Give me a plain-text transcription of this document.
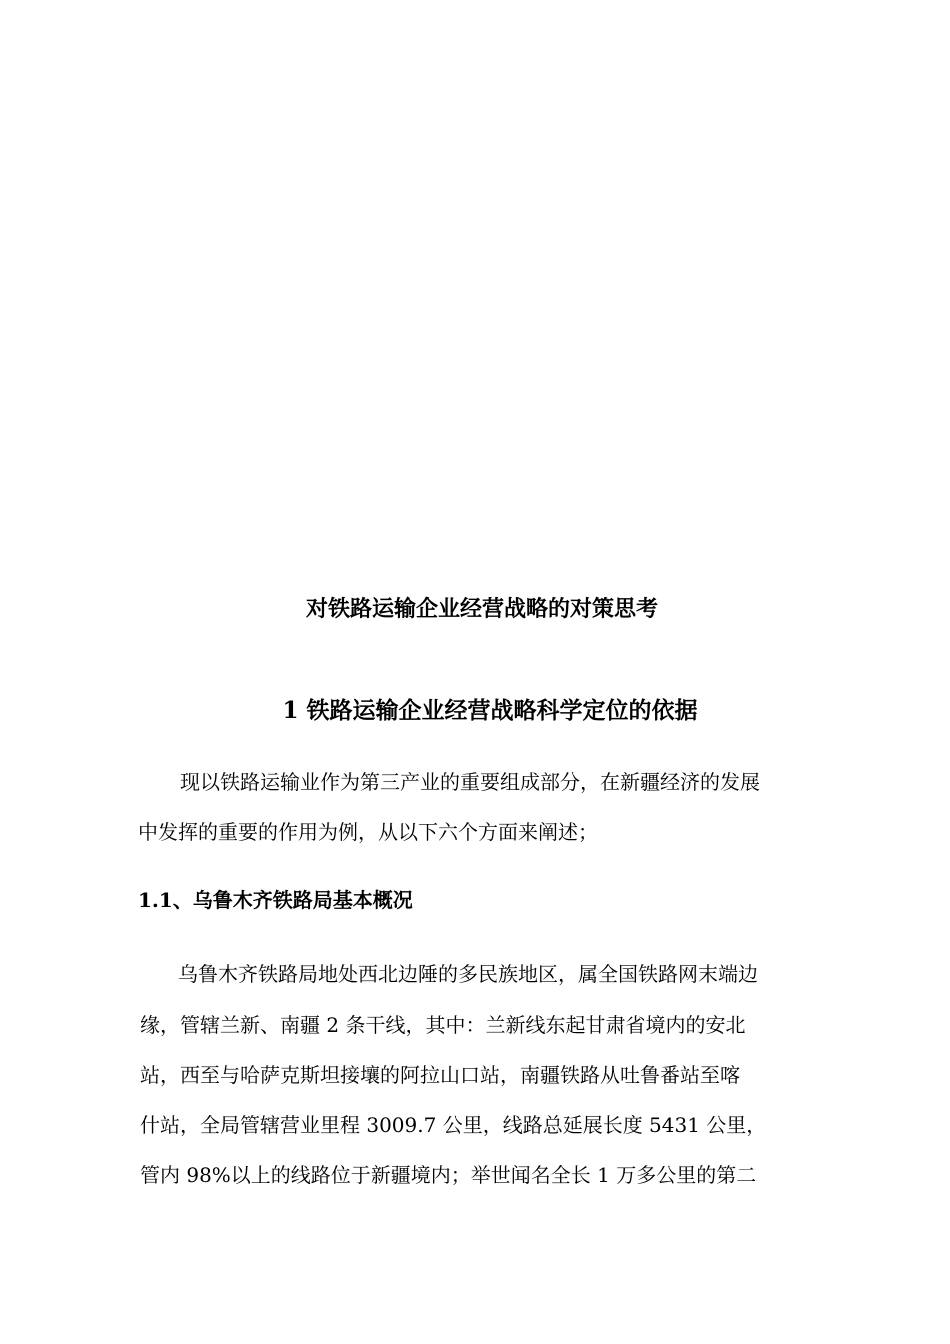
对铁路运输企业经营战略的对策思考
1 铁路运输企业经营战略科学定位的依据
现以铁路运输业作为第三产业的重要组成部分，在新疆经济的发展
中发挥的重要的作用为例，从以下六个方面来阐述；
1.1、乌鲁木齐铁路局基本概况
乌鲁木齐铁路局地处西北边陲的多民族地区，属全国铁路网末端边
缘，管辖兰新、南疆 2 条干线，其中：兰新线东起甘肃省境内的安北
站，西至与哈萨克斯坦接壤的阿拉山口站，南疆铁路从吐鲁番站至喀
什站，全局管辖营业里程 3009.7 公里，线路总延展长度 5431 公里，
管内 98%以上的线路位于新疆境内；举世闻名全长 1 万多公里的第二
